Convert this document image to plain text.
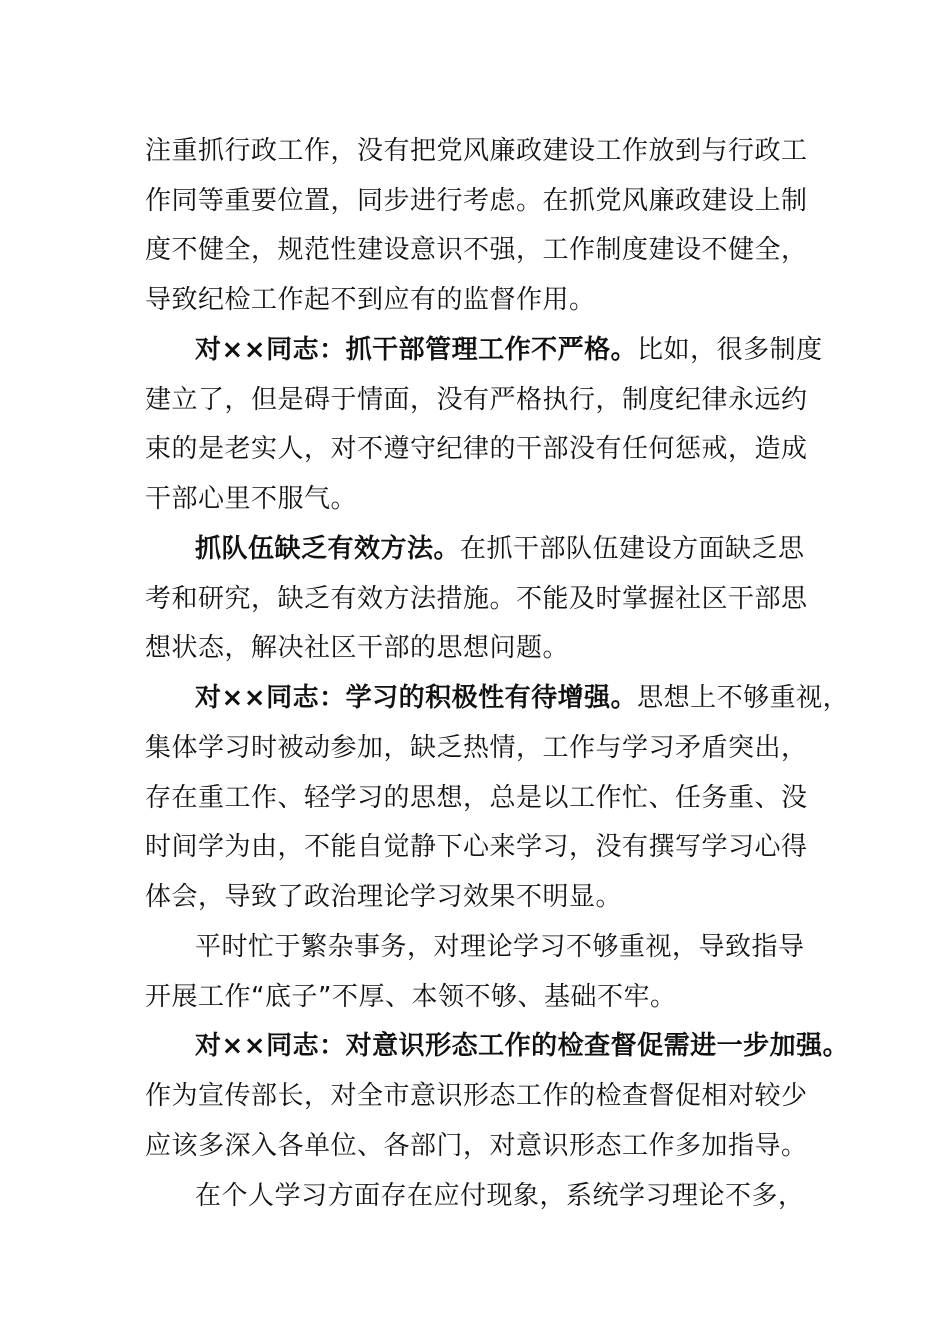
注重抓行政工作，没有把党风廉政建设工作放到与行政工
作同等重要位置，同步进行考虑。在抓党风廉政建设上制
度不健全，规范性建设意识不强，工作制度建设不健全，
导致纪检工作起不到应有的监督作用。
对××同志：抓干部管理工作不严格。比如，很多制度
建立了，但是碍于情面，没有严格执行，制度纪律永远约
束的是老实人，对不遵守纪律的干部没有任何惩戒，造成
干部心里不服气。
抓队伍缺乏有效方法。在抓干部队伍建设方面缺乏思
考和研究，缺乏有效方法措施。不能及时掌握社区干部思
想状态，解决社区干部的思想问题。
对××同志：学习的积极性有待增强。思想上不够重视，
集体学习时被动参加，缺乏热情，工作与学习矛盾突出，
存在重工作、轻学习的思想，总是以工作忙、任务重、没
时间学为由，不能自觉静下心来学习，没有撰写学习心得
体会，导致了政治理论学习效果不明显。
平时忙于繁杂事务，对理论学习不够重视，导致指导
开展工作“底子”不厚、本领不够、基础不牢。
对××同志：对意识形态工作的检查督促需进一步加强。
作为宣传部长，对全市意识形态工作的检查督促相对较少
应该多深入各单位、各部门，对意识形态工作多加指导。
在个人学习方面存在应付现象，系统学习理论不多，
